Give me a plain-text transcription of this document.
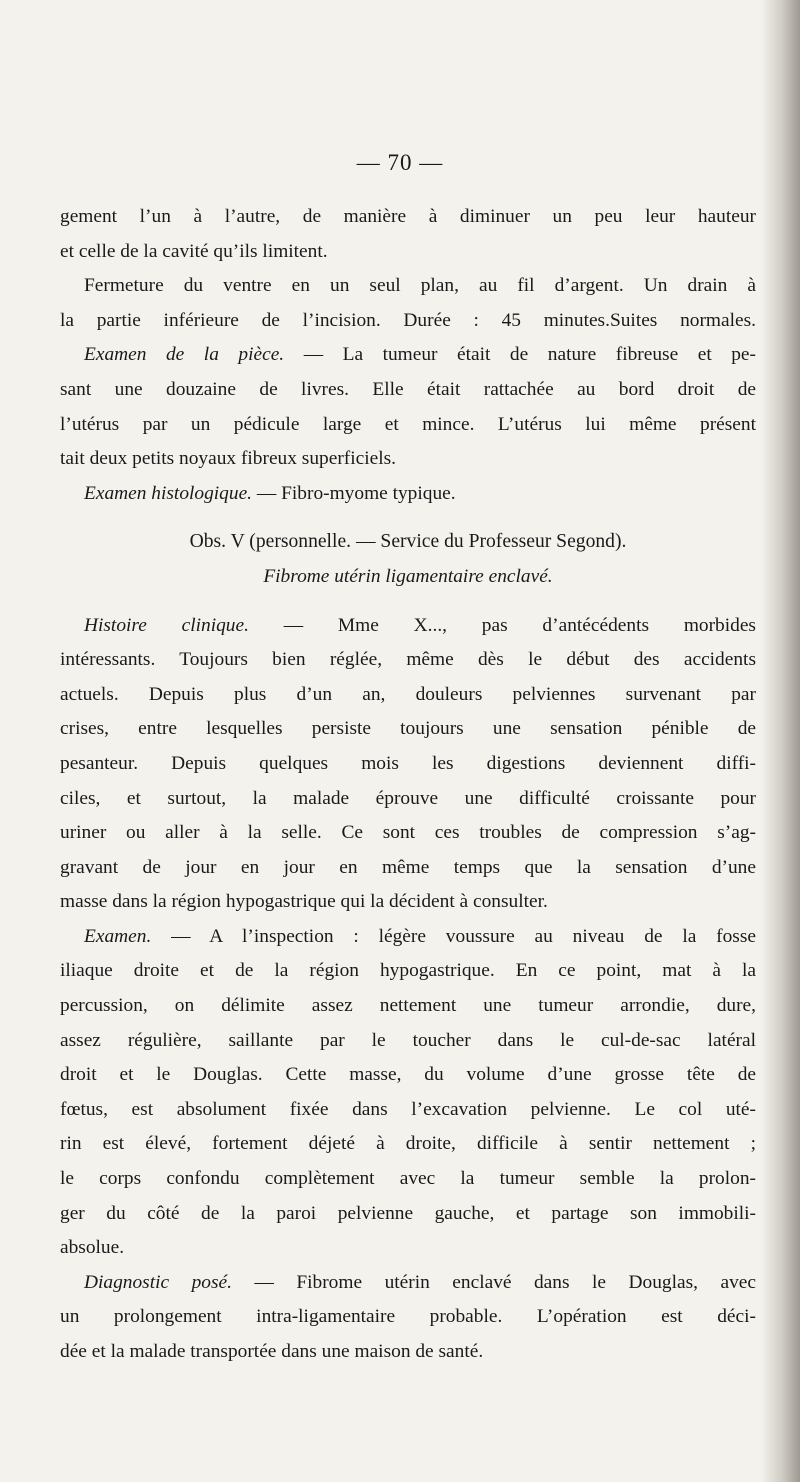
— 70 —
gement l’un à l’autre, de manière à diminuer un peu leur hauteur
et celle de la cavité qu’ils limitent.
Fermeture du ventre en un seul plan, au fil d’argent. Un drain à
la partie inférieure de l’incision. Durée : 45 minutes.Suites normales.
Examen de la pièce. — La tumeur était de nature fibreuse et pe-
sant une douzaine de livres. Elle était rattachée au bord droit de
l’utérus par un pédicule large et mince. L’utérus lui même présent
tait deux petits noyaux fibreux superficiels.
Examen histologique. — Fibro-myome typique.
Obs. V (personnelle. — Service du Professeur Segond).
Fibrome utérin ligamentaire enclavé.
Histoire clinique. — Mme X..., pas d’antécédents morbides
intéressants. Toujours bien réglée, même dès le début des accidents
actuels. Depuis plus d’un an, douleurs pelviennes survenant par
crises, entre lesquelles persiste toujours une sensation pénible de
pesanteur. Depuis quelques mois les digestions deviennent diffi-
ciles, et surtout, la malade éprouve une difficulté croissante pour
uriner ou aller à la selle. Ce sont ces troubles de compression s’ag-
gravant de jour en jour en même temps que la sensation d’une
masse dans la région hypogastrique qui la décident à consulter.
Examen. — A l’inspection : légère voussure au niveau de la fosse
iliaque droite et de la région hypogastrique. En ce point, mat à la
percussion, on délimite assez nettement une tumeur arrondie, dure,
assez régulière, saillante par le toucher dans le cul-de-sac latéral
droit et le Douglas. Cette masse, du volume d’une grosse tête de
fœtus, est absolument fixée dans l’excavation pelvienne. Le col uté-
rin est élevé, fortement déjeté à droite, difficile à sentir nettement ;
le corps confondu complètement avec la tumeur semble la prolon-
ger du côté de la paroi pelvienne gauche, et partage son immobili-
absolue.
Diagnostic posé. — Fibrome utérin enclavé dans le Douglas, avec
un prolongement intra-ligamentaire probable. L’opération est déci-
dée et la malade transportée dans une maison de santé.
